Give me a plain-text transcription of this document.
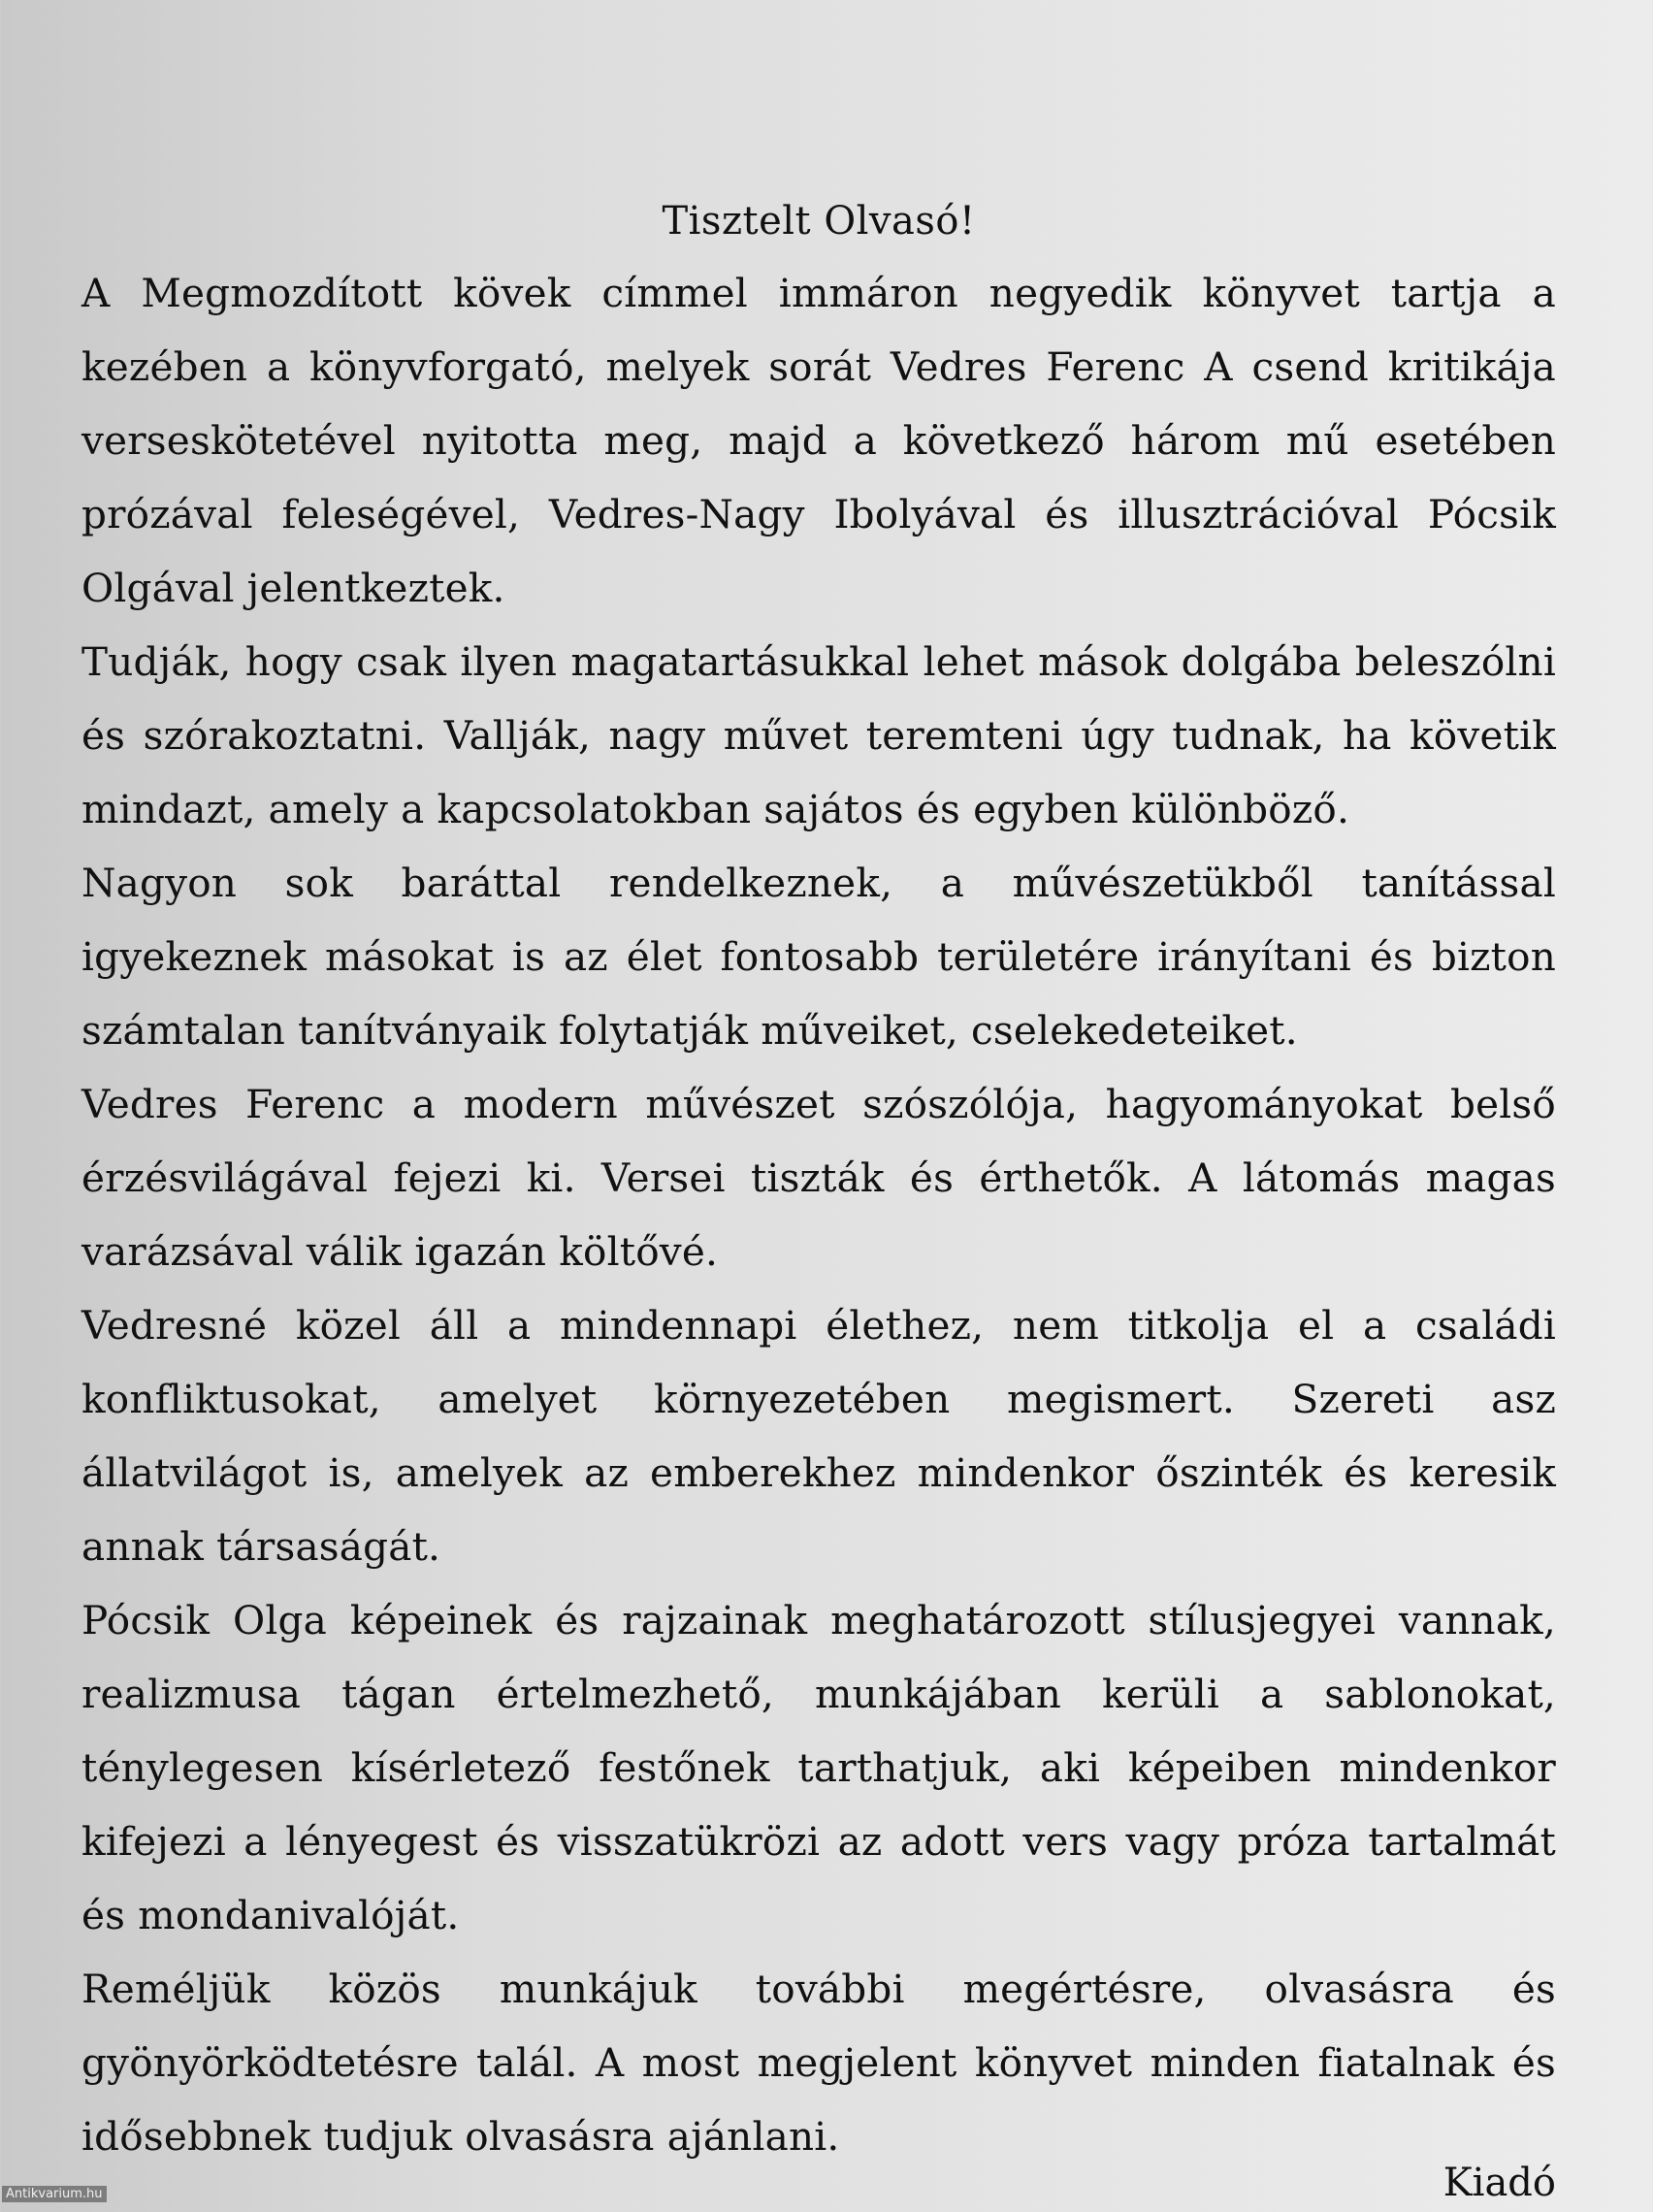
Tisztelt Olvasó!

A Megmozdított kövek címmel immáron negyedik könyvet tartja a kezében a könyvforgató, melyek sorát Vedres Ferenc A csend kritikája verseskötetével nyitotta meg, majd a következő három mű esetében prózával feleségével, Vedres-Nagy Ibolyával és illusztrációval Pócsik Olgával jelentkeztek.

Tudják, hogy csak ilyen magatartásukkal lehet mások dolgába beleszólni és szórakoztatni. Vallják, nagy művet teremteni úgy tudnak, ha követik mindazt, amely a kapcsolatokban sajátos és egyben különböző.

Nagyon sok baráttal rendelkeznek, a művészetükből tanítással igyekeznek másokat is az élet fontosabb területére irányítani és bizton számtalan tanítványaik folytatják műveiket, cselekedeteiket.

Vedres Ferenc a modern művészet szószólója, hagyományokat belső érzésvilágával fejezi ki. Versei tiszták és érthetők. A látomás magas varázsával válik igazán költővé.

Vedresné közel áll a mindennapi élethez, nem titkolja el a családi konfliktusokat, amelyet környezetében megismert. Szereti asz állatvilágot is, amelyek az emberekhez mindenkor őszinték és keresik annak társaságát.

Pócsik Olga képeinek és rajzainak meghatározott stílusjegyei vannak, realizmusa tágan értelmezhető, munkájában kerüli a sablonokat, ténylegesen kísérletező festőnek tarthatjuk, aki képeiben mindenkor kifejezi a lényegest és visszatükrözi az adott vers vagy próza tartalmát és mondanivalóját.

Reméljük közös munkájuk további megértésre, olvasásra és gyönyörködtetésre talál. A most megjelent könyvet minden fiatalnak és idősebbnek tudjuk olvasásra ajánlani.

Kiadó
Antikvarium.hu
